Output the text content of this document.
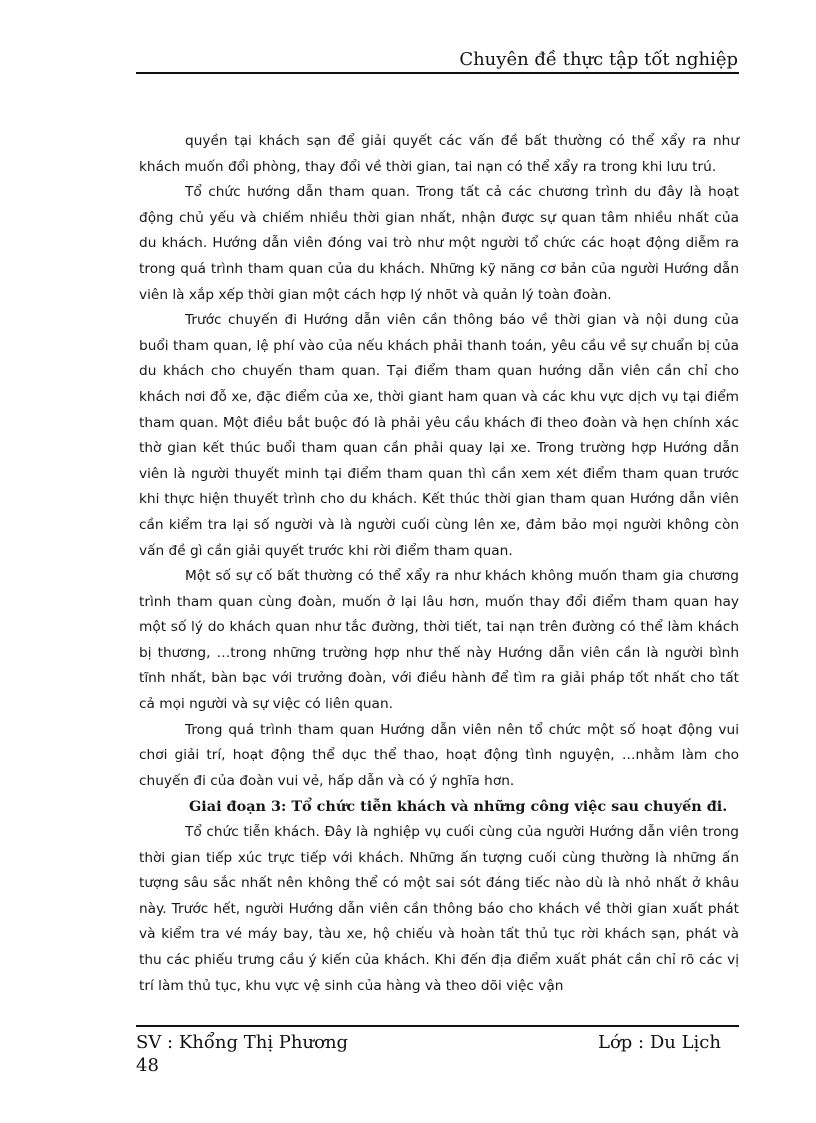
Chuyên đề thực tập tốt nghiệp

quyền tại khách sạn để giải quyết các vấn đề bất thường có thể xẩy ra như khách muốn đổi phòng, thay đổi về thời gian, tai nạn có thể xẩy ra trong khi lưu trú.

Tổ chức hướng dẫn tham quan. Trong tất cả các chương trình du đây là hoạt động chủ yếu và chiếm nhiều thời gian nhất, nhận được sự quan tâm nhiều nhất của du khách. Hướng dẫn viên đóng vai trò như một người tổ chức các hoạt động diễm ra trong quá trình tham quan của du khách. Những kỹ năng cơ bản của người Hướng dẫn viên là xắp xếp thời gian một cách hợp lý nhõt và quản lý toàn đoàn.

Trước chuyến đi Hướng dẫn viên cần thông báo về thời gian và nội dung của buổi tham quan, lệ phí vào của nếu khách phải thanh toán, yêu cầu về sự chuẩn bị của du khách cho chuyến tham quan. Tại điểm tham quan hướng dẫn viên cần chỉ cho khách nơi đỗ xe, đặc điểm của xe, thời giant ham quan và các khu vực dịch vụ tại điểm tham quan. Một điều bắt buộc đó là phải yêu cầu khách đi theo đoàn và hẹn chính xác thờ gian kết thúc buổi tham quan cần phải quay lại xe. Trong trường hợp Hướng dẫn viên là người thuyết minh tại điểm tham quan thì cần xem xét điểm tham quan trước khi thực hiện thuyết trình cho du khách. Kết thúc thời gian tham quan Hướng dẫn viên cần kiểm tra lại số người và là người cuối cùng lên xe, đảm bảo mọi người không còn vấn đề gì cần giải quyết trước khi rời điểm tham quan.

Một số sự cố bất thường có thể xẩy ra như khách không muốn tham gia chương trình tham quan cùng đoàn, muốn ở lại lâu hơn, muốn thay đổi điểm tham quan hay một số lý do khách quan như tắc đường, thời tiết, tai nạn trên đường có thể làm khách bị thương, …trong những trường hợp như thế này Hướng dẫn viên cần là người bình tĩnh nhất, bàn bạc với trưởng đoàn, với điều hành để tìm ra giải pháp tốt nhất cho tất cả mọi người và sự việc có liên quan.

Trong quá trình tham quan Hướng dẫn viên nên tổ chức một số hoạt động vui chơi giải trí, hoạt động thể dục thể thao, hoạt động tình nguyện, …nhằm làm cho chuyến đi của đoàn vui vẻ, hấp dẫn và có ý nghĩa hơn.

Giai đoạn 3: Tổ chức tiễn khách và những công việc sau chuyến đi.

Tổ chức tiễn khách. Đây là nghiệp vụ cuối cùng của người Hướng dẫn viên trong thời gian tiếp xúc trực tiếp với khách. Những ấn tượng cuối cùng thường là những ấn tượng sâu sắc nhất nên không thể có một sai sót đáng tiếc nào dù là nhỏ nhất ở khâu này. Trước hết, người Hướng dẫn viên cần thông báo cho khách về thời gian xuất phát và kiểm tra vé máy bay, tàu xe, hộ chiếu và hoàn tất thủ tục rời khách sạn, phát và thu các phiếu trưng cầu ý kiến của khách. Khi đến địa điểm xuất phát cần chỉ rõ các vị trí làm thủ tục, khu vực vệ sinh của hàng và theo dõi việc vận

SV : Khổng Thị Phương	Lớp : Du Lịch
48
